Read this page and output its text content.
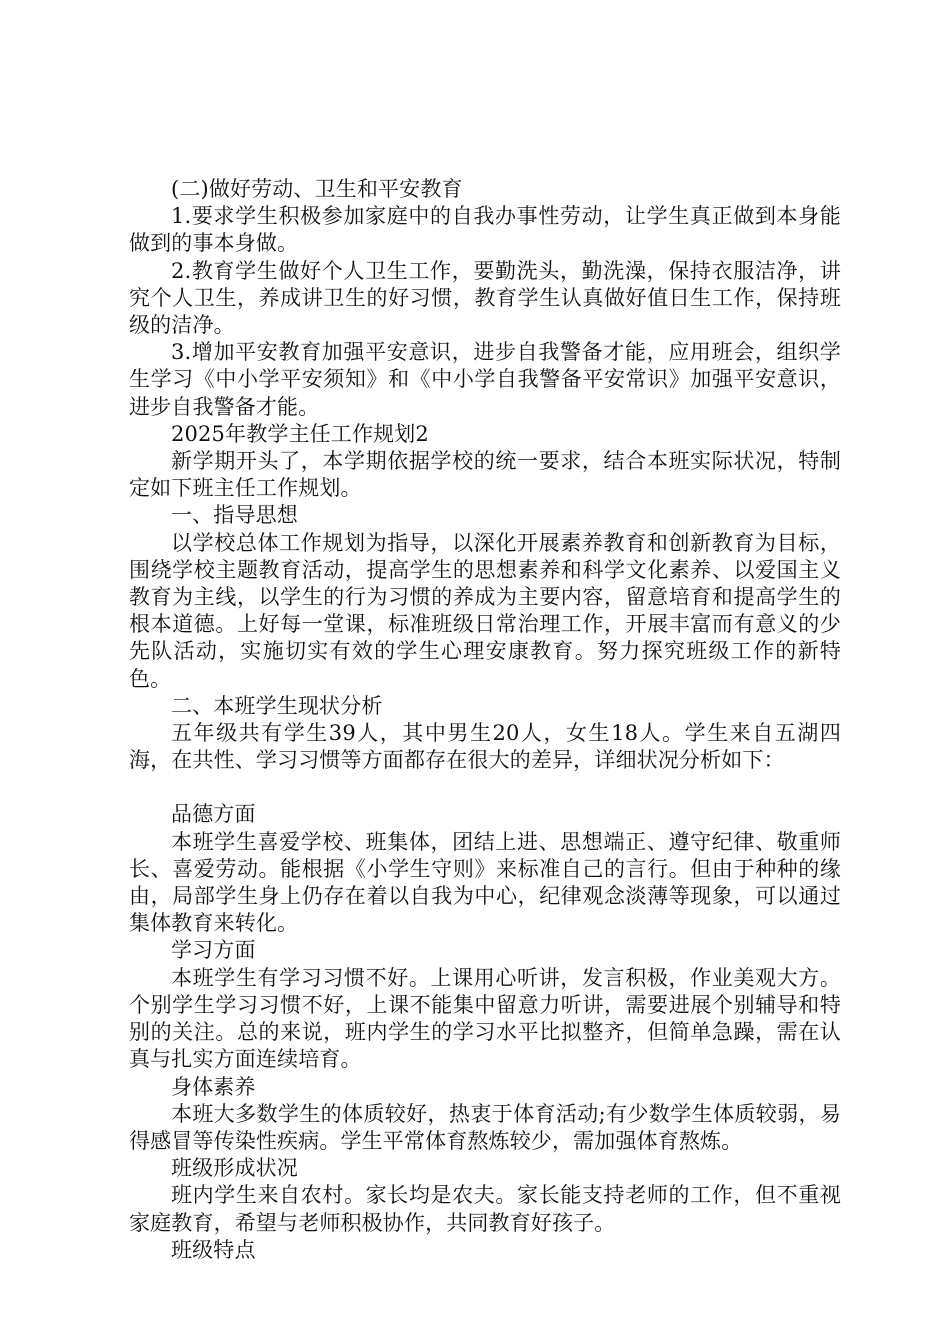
(二)做好劳动、卫生和平安教育

1.要求学生积极参加家庭中的自我办事性劳动，让学生真正做到本身能做到的事本身做。

2.教育学生做好个人卫生工作，要勤洗头，勤洗澡，保持衣服洁净，讲究个人卫生，养成讲卫生的好习惯，教育学生认真做好值日生工作，保持班级的洁净。

3.增加平安教育加强平安意识，进步自我警备才能，应用班会，组织学生学习《中小学平安须知》和《中小学自我警备平安常识》加强平安意识，进步自我警备才能。

2025年教学主任工作规划2

新学期开头了，本学期依据学校的统一要求，结合本班实际状况，特制定如下班主任工作规划。

一、指导思想

以学校总体工作规划为指导，以深化开展素养教育和创新教育为目标，围绕学校主题教育活动，提高学生的思想素养和科学文化素养、以爱国主义教育为主线，以学生的行为习惯的养成为主要内容，留意培育和提高学生的根本道德。上好每一堂课，标准班级日常治理工作，开展丰富而有意义的少先队活动，实施切实有效的学生心理安康教育。努力探究班级工作的新特色。

二、本班学生现状分析

五年级共有学生39人，其中男生20人，女生18人。学生来自五湖四海，在共性、学习习惯等方面都存在很大的差异，详细状况分析如下：

品德方面

本班学生喜爱学校、班集体，团结上进、思想端正、遵守纪律、敬重师长、喜爱劳动。能根据《小学生守则》来标准自己的言行。但由于种种的缘由，局部学生身上仍存在着以自我为中心，纪律观念淡薄等现象，可以通过集体教育来转化。

学习方面

本班学生有学习习惯不好。上课用心听讲，发言积极，作业美观大方。个别学生学习习惯不好，上课不能集中留意力听讲，需要进展个别辅导和特别的关注。总的来说，班内学生的学习水平比拟整齐，但简单急躁，需在认真与扎实方面连续培育。

身体素养

本班大多数学生的体质较好，热衷于体育活动;有少数学生体质较弱，易得感冒等传染性疾病。学生平常体育熬炼较少，需加强体育熬炼。

班级形成状况

班内学生来自农村。家长均是农夫。家长能支持老师的工作，但不重视家庭教育，希望与老师积极协作，共同教育好孩子。

班级特点
